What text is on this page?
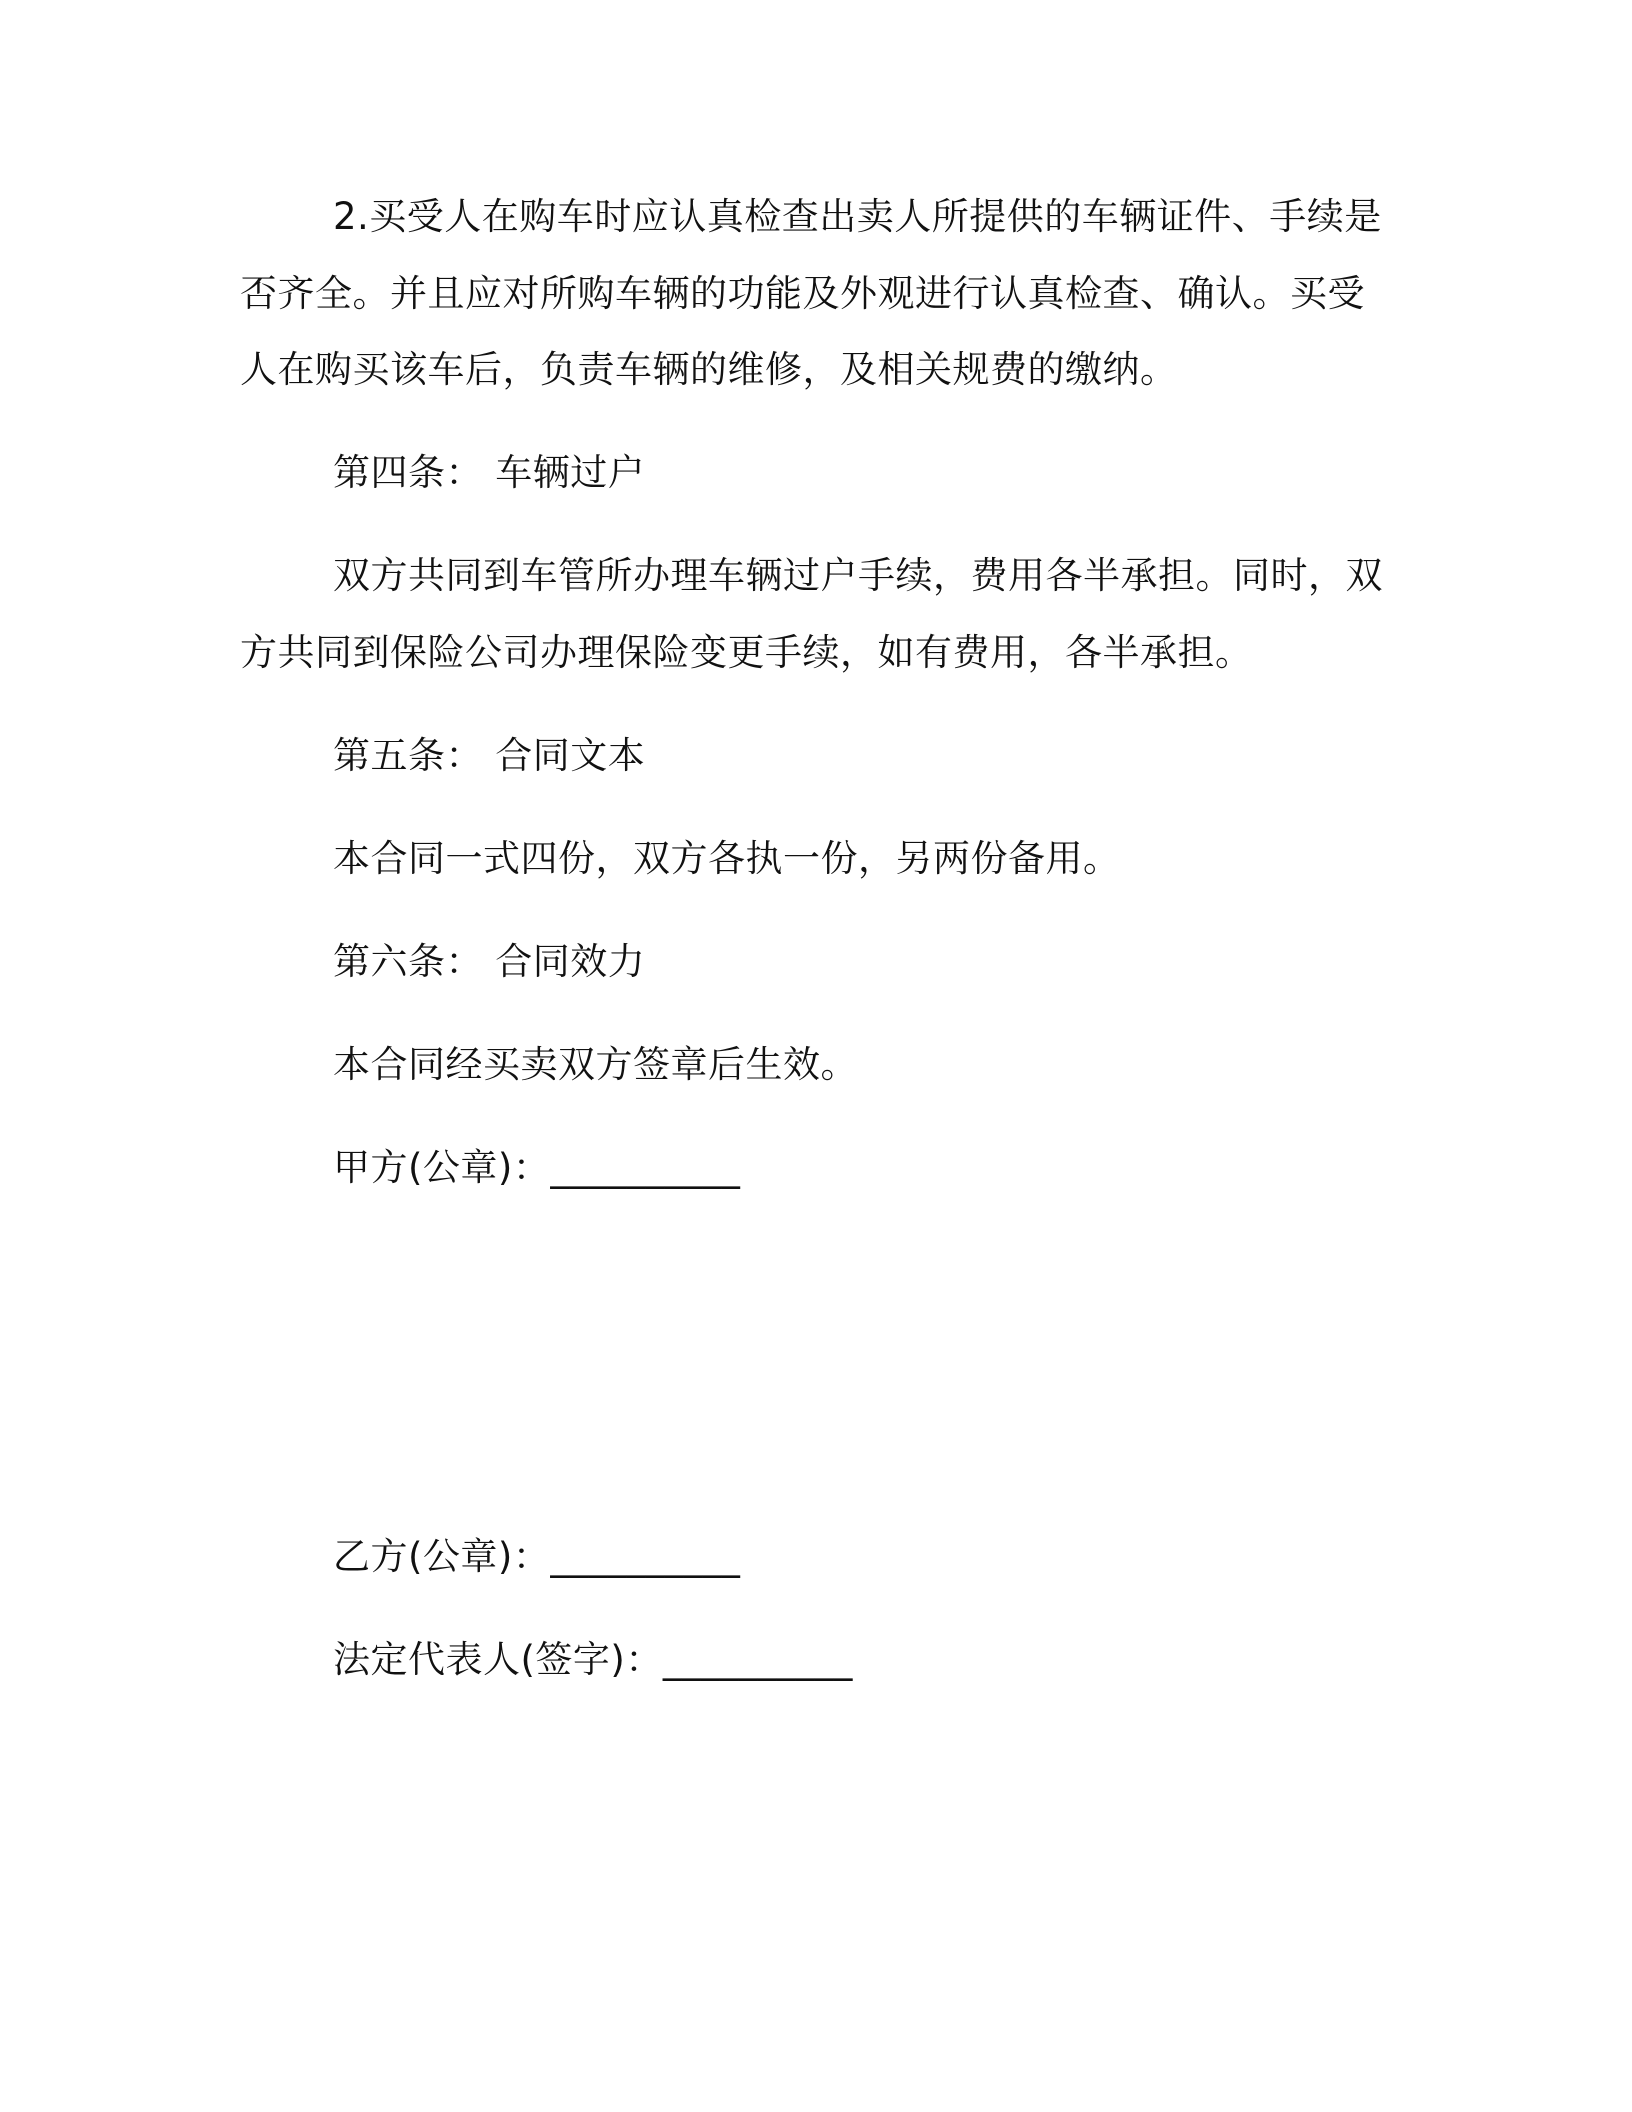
2.买受人在购车时应认真检查出卖人所提供的车辆证件、手续是
否齐全。并且应对所购车辆的功能及外观进行认真检查、确认。买受
人在购买该车后，负责车辆的维修，及相关规费的缴纳。
第四条： 车辆过户
双方共同到车管所办理车辆过户手续，费用各半承担。同时，双
方共同到保险公司办理保险变更手续，如有费用，各半承担。
第五条： 合同文本
本合同一式四份，双方各执一份，另两份备用。
第六条： 合同效力
本合同经买卖双方签章后生效。
甲方(公章)：__________
乙方(公章)：__________
法定代表人(签字)：__________
